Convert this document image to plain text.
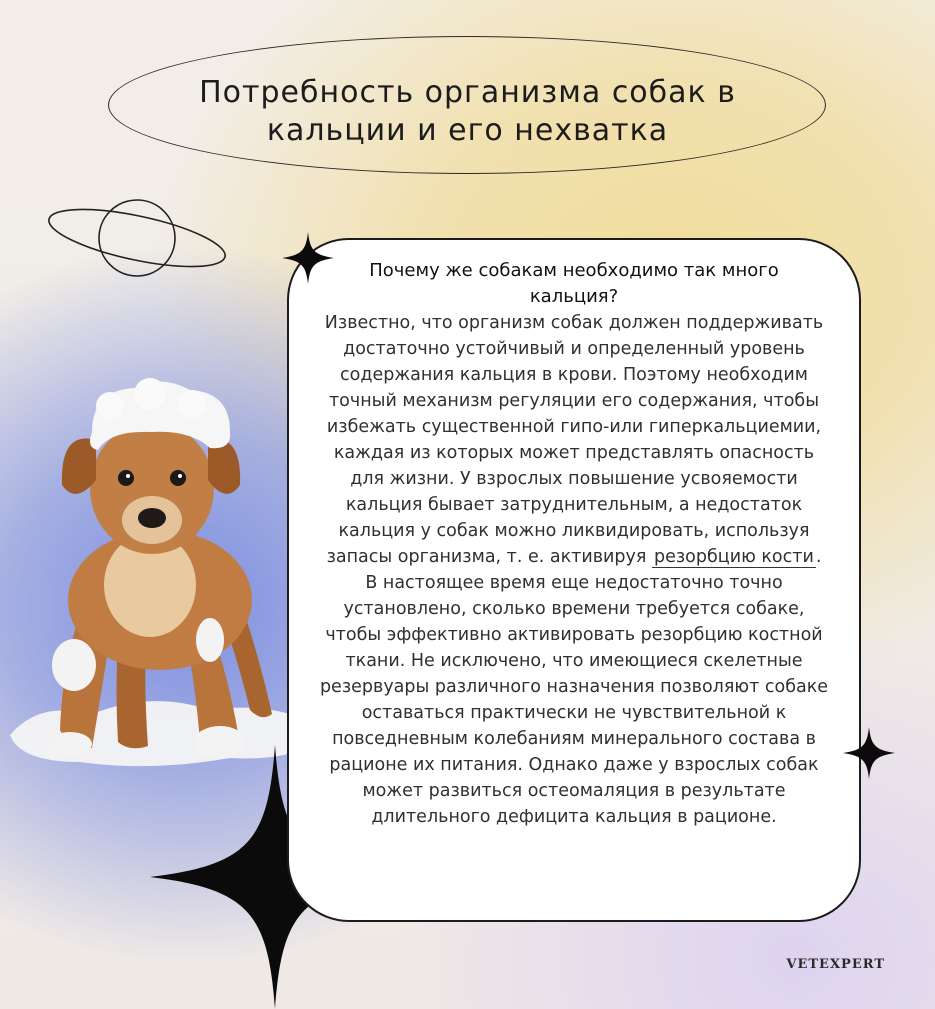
Потребность организма собак в кальции и его нехватка
Почему же собакам необходимо так много кальция?

Известно, что организм собак должен поддерживать достаточно устойчивый и определенный уровень содержания кальция в крови. Поэтому необходим точный механизм регуляции его содержания, чтобы избежать существенной гипо-или гиперкальциемии, каждая из которых может представлять опасность для жизни. У взрослых повышение усвояемости кальция бывает затруднительным, а недостаток кальция у собак можно ликвидировать, используя запасы организма, т. е. активируя резорбцию кости . В настоящее время еще недостаточно точно установлено, сколько времени требуется собаке, чтобы эффективно активировать резорбцию костной ткани. Не исключено, что имеющиеся скелетные резервуары различного назначения позволяют собаке оставаться практически не чувствительной к повседневным колебаниям минерального состава в рационе их питания. Однако даже у взрослых собак может развиться остеомаляция в результате длительного дефицита кальция в рационе.

VETEXPERT
